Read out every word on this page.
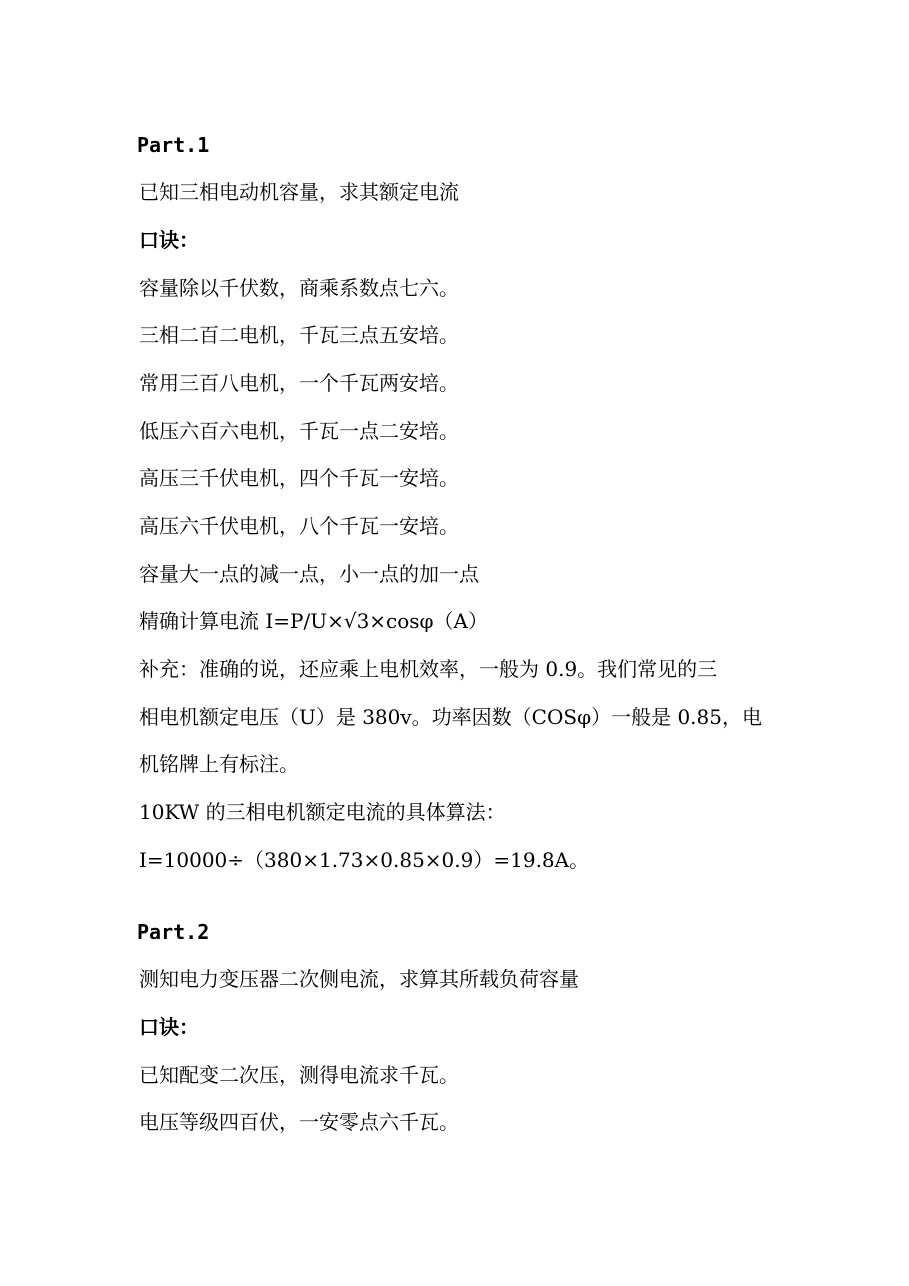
Part.1
已知三相电动机容量，求其额定电流
口诀：
容量除以千伏数，商乘系数点七六。
三相二百二电机，千瓦三点五安培。
常用三百八电机，一个千瓦两安培。
低压六百六电机，千瓦一点二安培。
高压三千伏电机，四个千瓦一安培。
高压六千伏电机，八个千瓦一安培。
容量大一点的减一点，小一点的加一点
精确计算电流 I=P/U×√3×cosφ（A）
补充：准确的说，还应乘上电机效率，一般为 0.9。我们常见的三
相电机额定电压（U）是 380v。功率因数（COSφ）一般是 0.85，电
机铭牌上有标注。
10KW 的三相电机额定电流的具体算法：
I=10000÷（380×1.73×0.85×0.9）=19.8A。
Part.2
测知电力变压器二次侧电流，求算其所载负荷容量
口诀：
已知配变二次压，测得电流求千瓦。
电压等级四百伏，一安零点六千瓦。
